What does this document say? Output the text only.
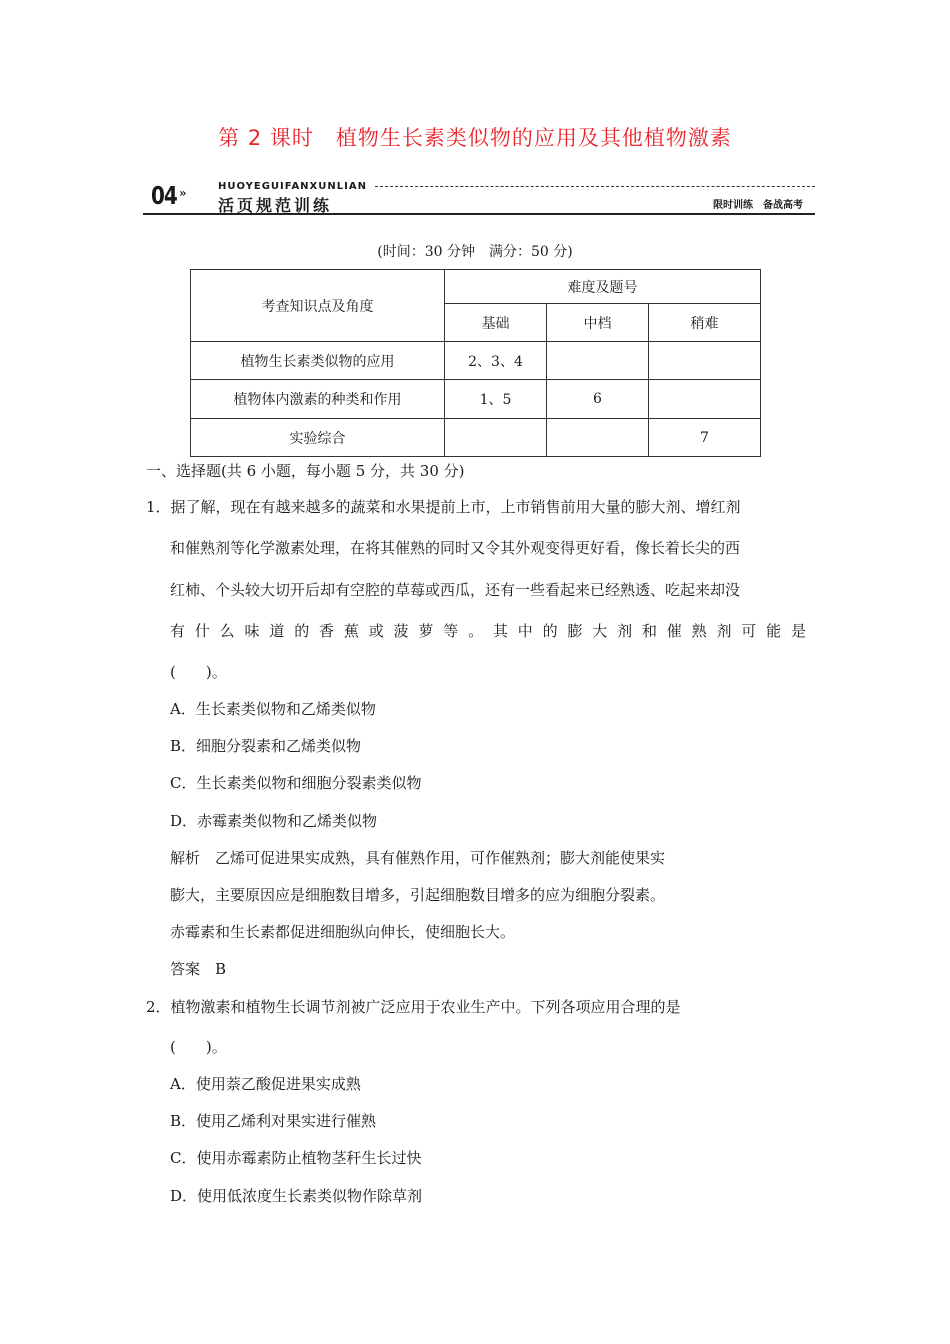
第 2 课时　植物生长素类似物的应用及其他植物激素
04 »	HUOYEGUIFANXUNLIAN
活页规范训练	限时训练　备战高考
(时间：30 分钟　满分：50 分)
考查知识点及角度	难度及题号		
	基础	中档	稍难
植物生长素类似物的应用	2、3、4		
植物体内激素的种类和作用	1、5	6	
实验综合			7
一、选择题(共 6 小题，每小题 5 分，共 30 分)
1．据了解，现在有越来越多的蔬菜和水果提前上市，上市销售前用大量的膨大剂、增红剂
和催熟剂等化学激素处理，在将其催熟的同时又令其外观变得更好看，像长着长尖的西
红柿、个头较大切开后却有空腔的草莓或西瓜，还有一些看起来已经熟透、吃起来却没
有什么味道的香蕉或菠萝等。其中的膨大剂和催熟剂可能是
(　　)。
A．生长素类似物和乙烯类似物
B．细胞分裂素和乙烯类似物
C．生长素类似物和细胞分裂素类似物
D．赤霉素类似物和乙烯类似物
解析　乙烯可促进果实成熟，具有催熟作用，可作催熟剂；膨大剂能使果实
膨大，主要原因应是细胞数目增多，引起细胞数目增多的应为细胞分裂素。
赤霉素和生长素都促进细胞纵向伸长，使细胞长大。
答案　B
2．植物激素和植物生长调节剂被广泛应用于农业生产中。下列各项应用合理的是
(　　)。
A．使用萘乙酸促进果实成熟
B．使用乙烯利对果实进行催熟
C．使用赤霉素防止植物茎秆生长过快
D．使用低浓度生长素类似物作除草剂
